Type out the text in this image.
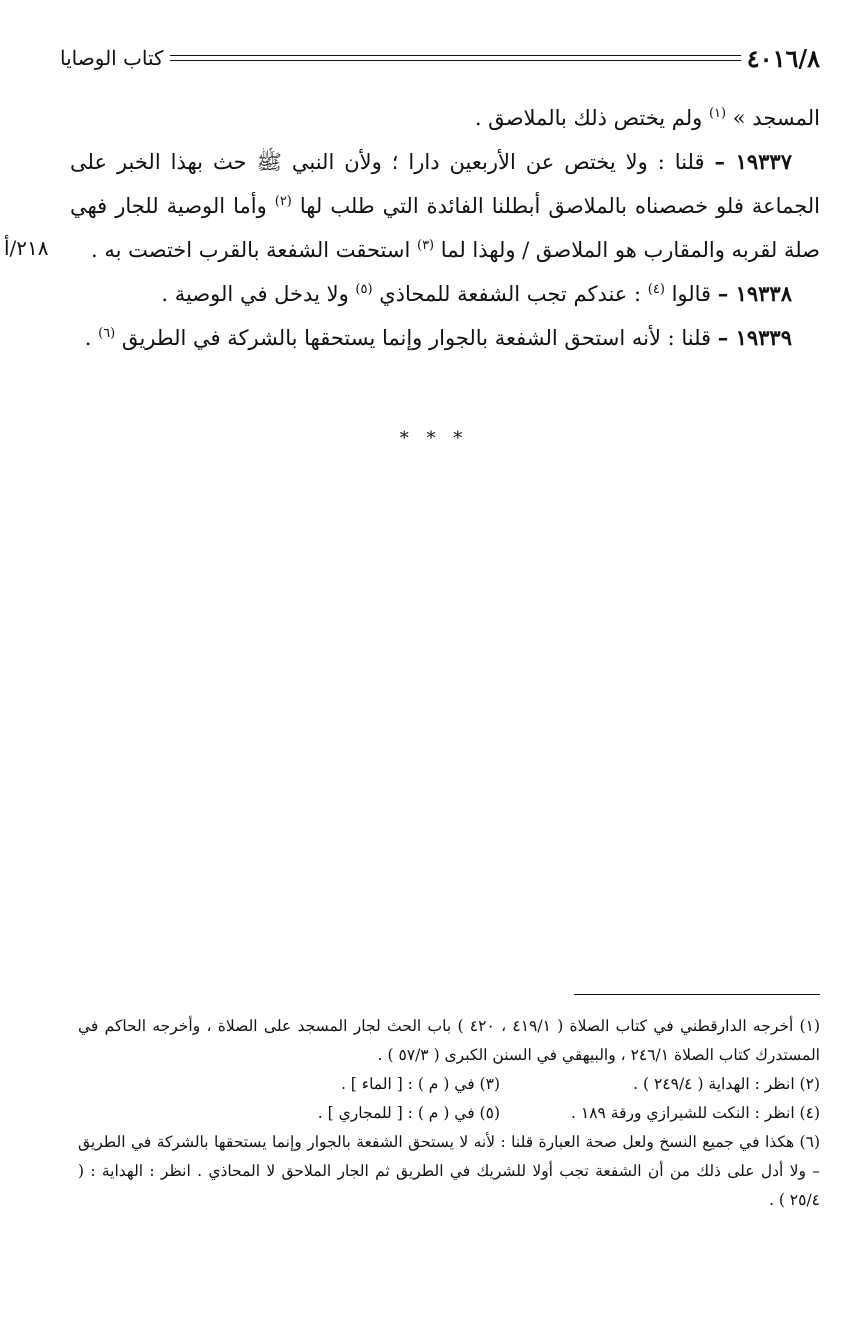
٤٠١٦/٨
كتاب الوصايا

المسجد » $^{(١)}$ ولم يختص ذلك بالملاصق .

١٩٣٣٧ – قلنا : ولا يختص عن الأربعين دارا ؛ ولأن النبي ﷺ حث بهذا الخبر على الجماعة فلو خصصناه بالملاصق أبطلنا الفائدة التي طلب لها $^{(٢)}$ وأما الوصية للجار فهي صلة لقربه والمقارب هو الملاصق / ولهذا لما $^{(٣)}$ استحقت الشفعة بالقرب اختصت به .

١٩٣٣٨ – قالوا $^{(٤)}$ : عندكم تجب الشفعة للمحاذي $^{(٥)}$ ولا يدخل في الوصية .

١٩٣٣٩ – قلنا : لأنه استحق الشفعة بالجوار وإنما يستحقها بالشركة في الطريق $^{(٦)}$ .

٢١٨/أ
* * *

(١) أخرجه الدارقطني في كتاب الصلاة ( ٤١٩/١ ، ٤٢٠ ) باب الحث لجار المسجد على الصلاة ، وأخرجه الحاكم في المستدرك كتاب الصلاة ٢٤٦/١ ، والبيهقي في السنن الكبرى ( ٥٧/٣ ) .

(٢) انظر : الهداية ( ٢٤٩/٤ ) .
(٣) في ( م ) : [ الماء ] .
(٤) انظر : النكت للشيرازي ورقة ١٨٩ .
(٥) في ( م ) : [ للمجاري ] .

(٦) هكذا في جميع النسخ ولعل صحة العبارة قلنا : لأنه لا يستحق الشفعة بالجوار وإنما يستحقها بالشركة في الطريق – ولا أدل على ذلك من أن الشفعة تجب أولا للشريك في الطريق ثم الجار الملاحق لا المحاذي . انظر : الهداية : ( ٢٥/٤ ) .
